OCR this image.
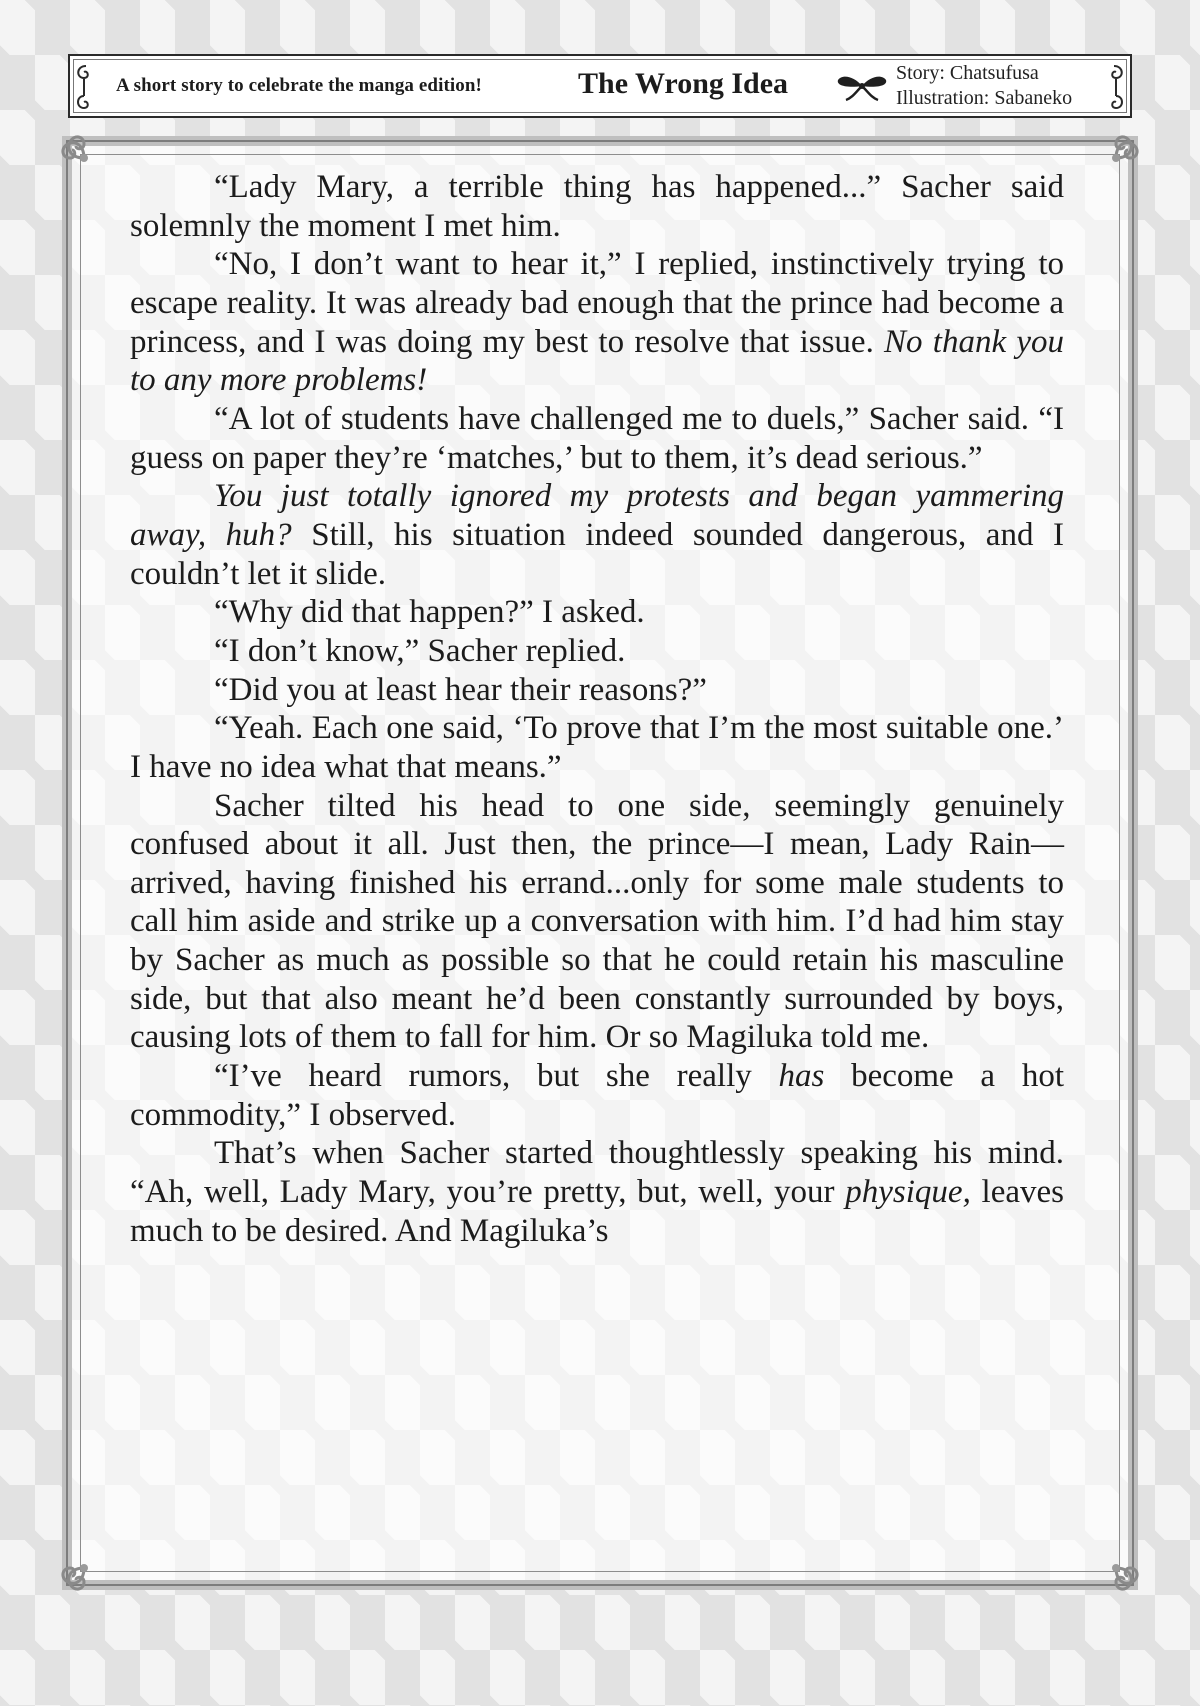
A short story to celebrate the manga edition!	The Wrong Idea	Story: Chatsufusa
Illustration: Sabaneko

“Lady Mary, a terrible thing has happened...” Sacher said solemnly the moment I met him.

“No, I don’t want to hear it,” I replied, instinctively trying to escape reality. It was already bad enough that the prince had become a princess, and I was doing my best to resolve that issue. No thank you to any more problems!

“A lot of students have challenged me to duels,” Sacher said. “I guess on paper they’re ‘matches,’ but to them, it’s dead serious.”

You just totally ignored my protests and began yammering away, huh? Still, his situation indeed sounded dangerous, and I couldn’t let it slide.

“Why did that happen?” I asked.

“I don’t know,” Sacher replied.

“Did you at least hear their reasons?”

“Yeah. Each one said, ‘To prove that I’m the most suitable one.’ I have no idea what that means.”

Sacher tilted his head to one side, seemingly genuinely confused about it all. Just then, the prince—I mean, Lady Rain—arrived, having finished his errand...only for some male students to call him aside and strike up a conversation with him. I’d had him stay by Sacher as much as possible so that he could retain his masculine side, but that also meant he’d been constantly surrounded by boys, causing lots of them to fall for him. Or so Magiluka told me.

“I’ve heard rumors, but she really has become a hot commodity,” I observed.

That’s when Sacher started thoughtlessly speaking his mind. “Ah, well, Lady Mary, you’re pretty, but, well, your physique, leaves much to be desired. And Magiluka’s
